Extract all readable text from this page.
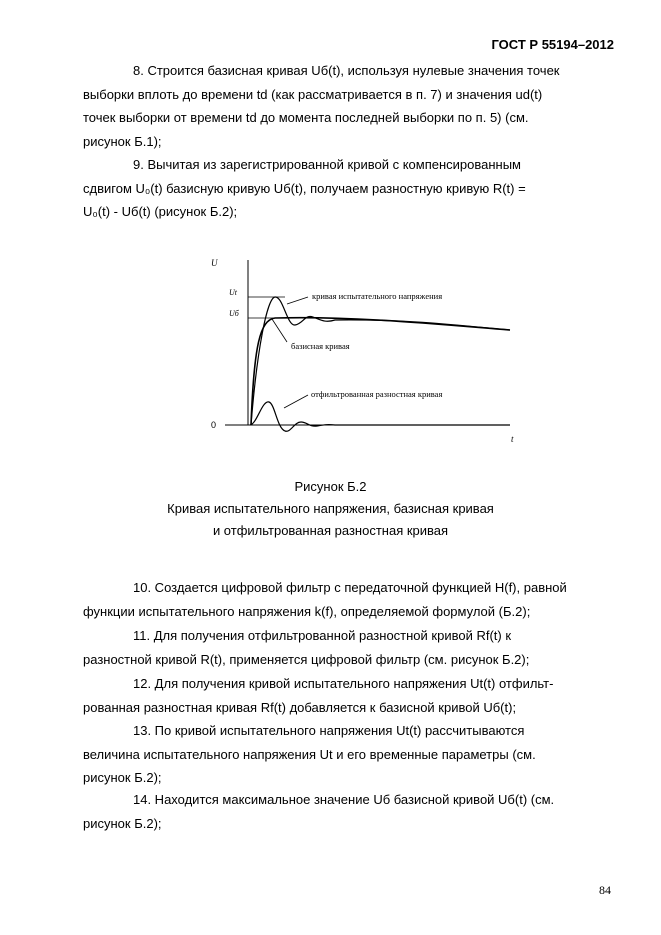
ГОСТ Р 55194–2012

8. Строится базисная кривая Uб(t), используя нулевые значения точек
выборки вплоть до времени td (как рассматривается в п. 7) и значения ud(t)
точек выборки от времени td до момента последней выборки по п. 5) (см.
рисунок Б.1);

9. Вычитая из зарегистрированной кривой с компенсированным
сдвигом U₀(t) базисную кривую Uб(t), получаем разностную кривую R(t) =
U₀(t) - Uб(t) (рисунок Б.2);

U
t
0
Ut
Uб
кривая испытательного напряжения
базисная кривая
отфильтрованная разностная кривая
Рисунок Б.2
Кривая испытательного напряжения, базисная кривая
и отфильтрованная разностная кривая

10. Создается цифровой фильтр с передаточной функцией H(f), равной
функции испытательного напряжения k(f), определяемой формулой (Б.2);

11. Для получения отфильтрованной разностной кривой Rf(t) к
разностной кривой R(t), применяется цифровой фильтр (см. рисунок Б.2);

12. Для получения кривой испытательного напряжения Ut(t) отфильт-
рованная разностная кривая Rf(t) добавляется к базисной кривой Uб(t);

13. По кривой испытательного напряжения Ut(t) рассчитываются
величина испытательного напряжения Ut и его временные параметры (см.
рисунок Б.2);

14. Находится максимальное значение Uб базисной кривой Uб(t) (см.
рисунок Б.2);

84
